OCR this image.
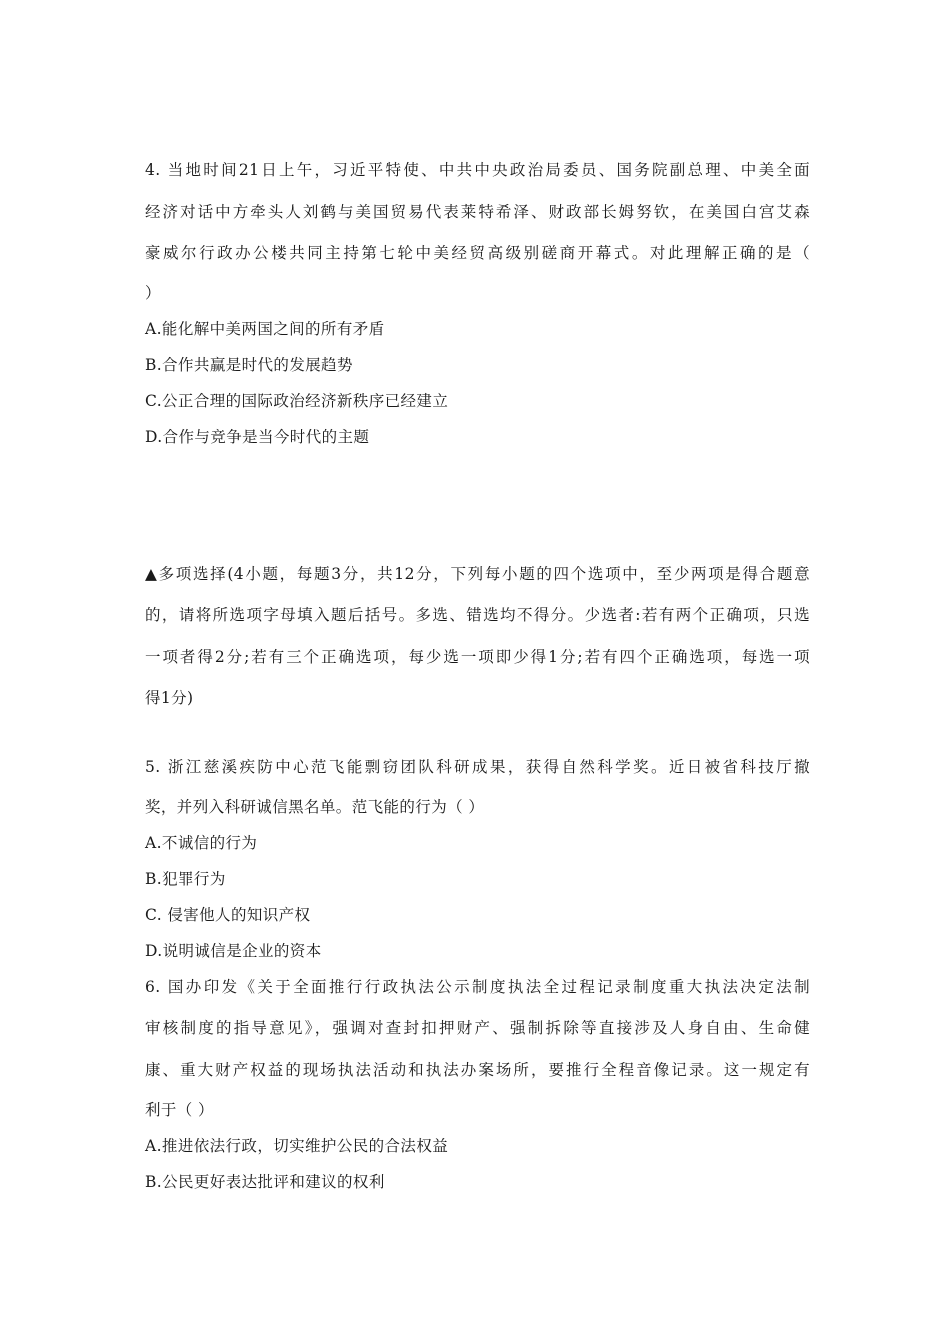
4. 当地时间21日上午，习近平特使、中共中央政治局委员、国务院副总理、中美全面
经济对话中方牵头人刘鹤与美国贸易代表莱特希泽、财政部长姆努钦，在美国白宫艾森
豪威尔行政办公楼共同主持第七轮中美经贸高级别磋商开幕式。对此理解正确的是（
）
A.能化解中美两国之间的所有矛盾
B.合作共赢是时代的发展趋势
C.公正合理的国际政治经济新秩序已经建立
D.合作与竞争是当今时代的主题
▲多项选择(4小题，每题3分，共12分，下列每小题的四个选项中，至少两项是得合题意
的，请将所选项字母填入题后括号。多选、错选均不得分。少选者:若有两个正确项，只选
一项者得2分;若有三个正确选项，每少选一项即少得1分;若有四个正确选项，每选一项
得1分)
5. 浙江慈溪疾防中心范飞能剽窃团队科研成果，获得自然科学奖。近日被省科技厅撤
奖，并列入科研诚信黑名单。范飞能的行为（ ）
A.不诚信的行为
B.犯罪行为
C. 侵害他人的知识产权
D.说明诚信是企业的资本
6. 国办印发《关于全面推行行政执法公示制度执法全过程记录制度重大执法决定法制
审核制度的指导意见》，强调对查封扣押财产、强制拆除等直接涉及人身自由、生命健
康、重大财产权益的现场执法活动和执法办案场所，要推行全程音像记录。这一规定有
利于（ ）
A.推进依法行政，切实维护公民的合法权益
B.公民更好表达批评和建议的权利
